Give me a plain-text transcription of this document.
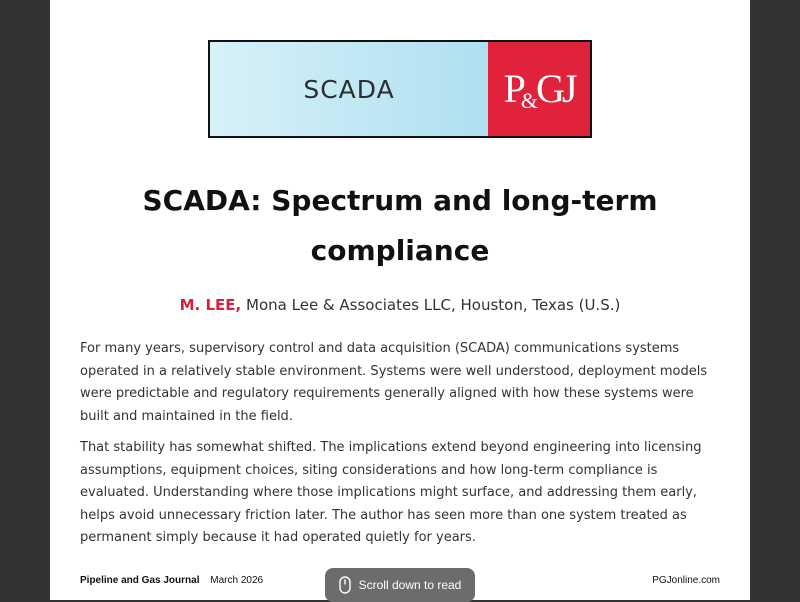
SCADA	P&GJ
SCADA: Spectrum and long-term compliance
M. LEE, Mona Lee & Associates LLC, Houston, Texas (U.S.)

For many years, supervisory control and data acquisition (SCADA) communications systems operated in a relatively stable environment. Systems were well understood, deployment models were predictable and regulatory requirements generally aligned with how these systems were built and maintained in the field.

That stability has somewhat shifted. The implications extend beyond engineering into licensing assumptions, equipment choices, siting considerations and how long-term compliance is evaluated. Understanding where those implications might surface, and addressing them early, helps avoid unnecessary friction later. The author has seen more than one system treated as permanent simply because it had operated quietly for years.

Pipeline and Gas Journal March 2026	PGJonline.com
Scroll down to read
